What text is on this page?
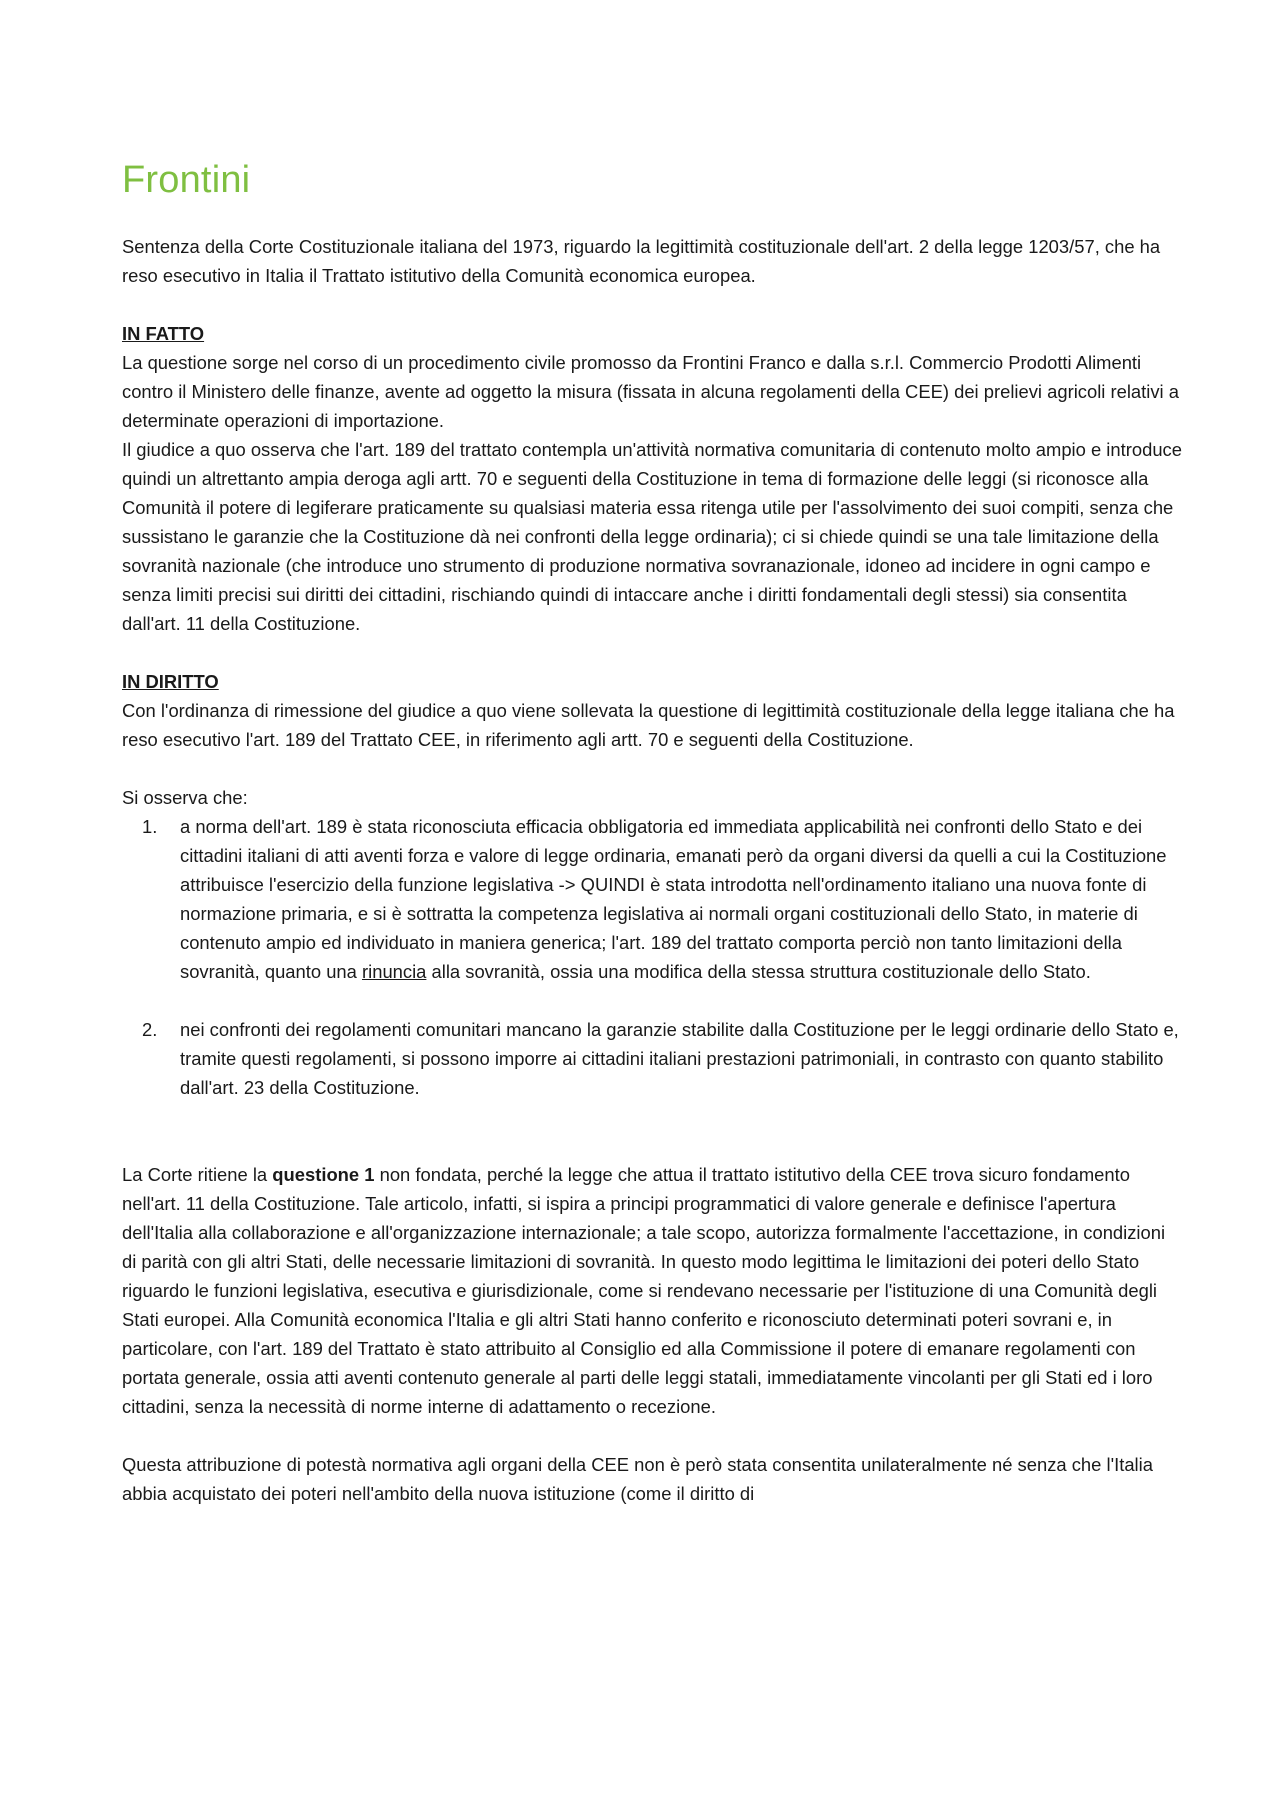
Frontini

Sentenza della Corte Costituzionale italiana del 1973, riguardo la legittimità costituzionale dell'art. 2 della legge 1203/57, che ha reso esecutivo in Italia il Trattato istitutivo della Comunità economica europea.

IN FATTO

La questione sorge nel corso di un procedimento civile promosso da Frontini Franco e dalla s.r.l. Commercio Prodotti Alimenti contro il Ministero delle finanze, avente ad oggetto la misura (fissata in alcuna regolamenti della CEE) dei prelievi agricoli relativi a determinate operazioni di importazione.

Il giudice a quo osserva che l'art. 189 del trattato contempla un'attività normativa comunitaria di contenuto molto ampio e introduce quindi un altrettanto ampia deroga agli artt. 70 e seguenti della Costituzione in tema di formazione delle leggi (si riconosce alla Comunità il potere di legiferare praticamente su qualsiasi materia essa ritenga utile per l'assolvimento dei suoi compiti, senza che sussistano le garanzie che la Costituzione dà nei confronti della legge ordinaria); ci si chiede quindi se una tale limitazione della sovranità nazionale (che introduce uno strumento di produzione normativa sovranazionale, idoneo ad incidere in ogni campo e senza limiti precisi sui diritti dei cittadini, rischiando quindi di intaccare anche i diritti fondamentali degli stessi) sia consentita dall'art. 11 della Costituzione.

IN DIRITTO

Con l'ordinanza di rimessione del giudice a quo viene sollevata la questione di legittimità costituzionale della legge italiana che ha reso esecutivo l'art. 189 del Trattato CEE, in riferimento agli artt. 70 e seguenti della Costituzione.

Si osserva che:

1. a norma dell'art. 189 è stata riconosciuta efficacia obbligatoria ed immediata applicabilità nei confronti dello Stato e dei cittadini italiani di atti aventi forza e valore di legge ordinaria, emanati però da organi diversi da quelli a cui la Costituzione attribuisce l'esercizio della funzione legislativa -> QUINDI è stata introdotta nell'ordinamento italiano una nuova fonte di normazione primaria, e si è sottratta la competenza legislativa ai normali organi costituzionali dello Stato, in materie di contenuto ampio ed individuato in maniera generica; l'art. 189 del trattato comporta perciò non tanto limitazioni della sovranità, quanto una rinuncia alla sovranità, ossia una modifica della stessa struttura costituzionale dello Stato.
2. nei confronti dei regolamenti comunitari mancano la garanzie stabilite dalla Costituzione per le leggi ordinarie dello Stato e, tramite questi regolamenti, si possono imporre ai cittadini italiani prestazioni patrimoniali, in contrasto con quanto stabilito dall'art. 23 della Costituzione.

La Corte ritiene la questione 1 non fondata, perché la legge che attua il trattato istitutivo della CEE trova sicuro fondamento nell'art. 11 della Costituzione. Tale articolo, infatti, si ispira a principi programmatici di valore generale e definisce l'apertura dell'Italia alla collaborazione e all'organizzazione internazionale; a tale scopo, autorizza formalmente l'accettazione, in condizioni di parità con gli altri Stati, delle necessarie limitazioni di sovranità. In questo modo legittima le limitazioni dei poteri dello Stato riguardo le funzioni legislativa, esecutiva e giurisdizionale, come si rendevano necessarie per l'istituzione di una Comunità degli Stati europei. Alla Comunità economica l'Italia e gli altri Stati hanno conferito e riconosciuto determinati poteri sovrani e, in particolare, con l'art. 189 del Trattato è stato attribuito al Consiglio ed alla Commissione il potere di emanare regolamenti con portata generale, ossia atti aventi contenuto generale al parti delle leggi statali, immediatamente vincolanti per gli Stati ed i loro cittadini, senza la necessità di norme interne di adattamento o recezione.

Questa attribuzione di potestà normativa agli organi della CEE non è però stata consentita unilateralmente né senza che l'Italia abbia acquistato dei poteri nell'ambito della nuova istituzione (come il diritto di
